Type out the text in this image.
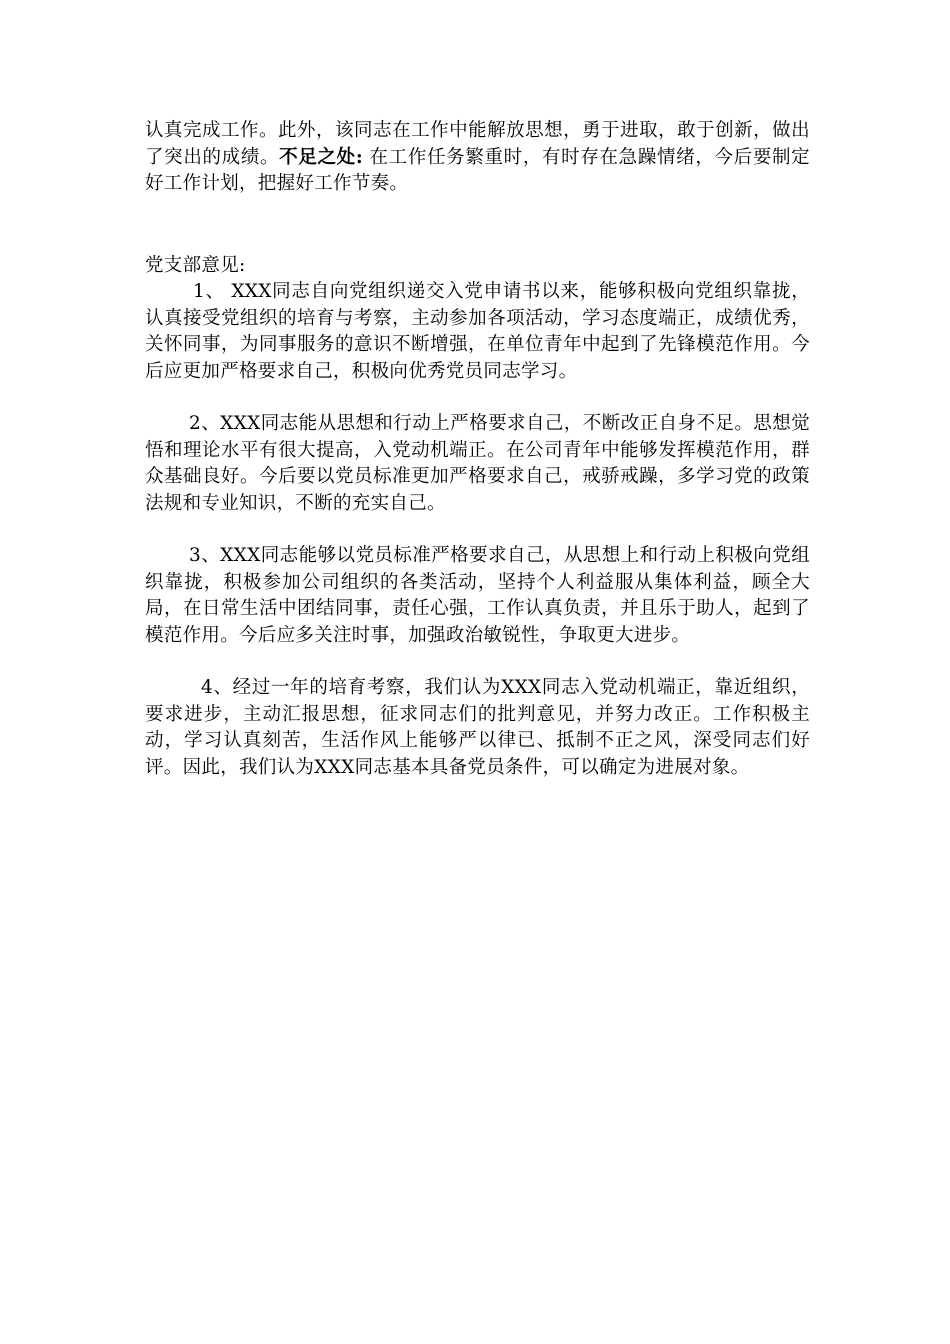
认真完成工作。此外，该同志在工作中能解放思想，勇于进取，敢于创新，做出了突出的成绩。不足之处: 在工作任务繁重时，有时存在急躁情绪，今后要制定好工作计划，把握好工作节奏。

党支部意见:

1、 XXX同志自向党组织递交入党申请书以来，能够积极向党组织靠拢，认真接受党组织的培育与考察，主动参加各项活动，学习态度端正，成绩优秀，关怀同事，为同事服务的意识不断增强，在单位青年中起到了先锋模范作用。今后应更加严格要求自己，积极向优秀党员同志学习。

2、XXX同志能从思想和行动上严格要求自己，不断改正自身不足。思想觉悟和理论水平有很大提高，入党动机端正。在公司青年中能够发挥模范作用，群众基础良好。今后要以党员标准更加严格要求自己，戒骄戒躁，多学习党的政策法规和专业知识，不断的充实自己。

3、XXX同志能够以党员标准严格要求自己，从思想上和行动上积极向党组织靠拢，积极参加公司组织的各类活动，坚持个人利益服从集体利益，顾全大局，在日常生活中团结同事，责任心强，工作认真负责，并且乐于助人，起到了模范作用。今后应多关注时事，加强政治敏锐性，争取更大进步。

4、经过一年的培育考察，我们认为XXX同志入党动机端正，靠近组织，要求进步，主动汇报思想，征求同志们的批判意见，并努力改正。工作积极主动，学习认真刻苦，生活作风上能够严以律已、抵制不正之风，深受同志们好评。因此，我们认为XXX同志基本具备党员条件，可以确定为进展对象。
